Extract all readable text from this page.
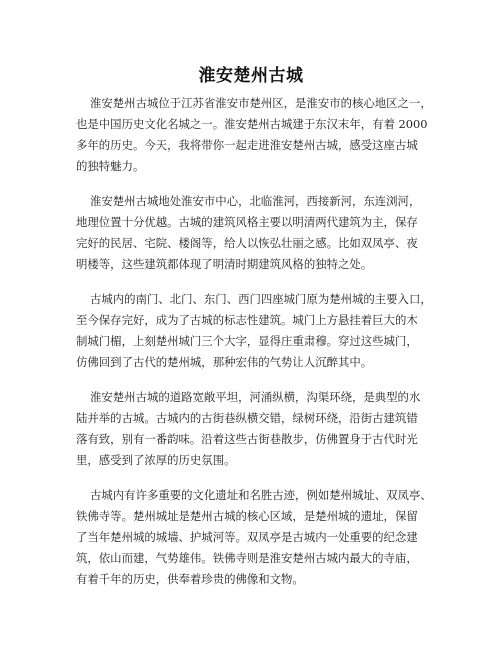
淮安楚州古城
淮安楚州古城位于江苏省淮安市楚州区，是淮安市的核心地区之一，
也是中国历史文化名城之一。淮安楚州古城建于东汉末年，有着 2000
多年的历史。今天，我将带你一起走进淮安楚州古城，感受这座古城
的独特魅力。
淮安楚州古城地处淮安市中心，北临淮河，西接新河，东连浏河，
地理位置十分优越。古城的建筑风格主要以明清两代建筑为主，保存
完好的民居、宅院、楼阁等，给人以恢弘壮丽之感。比如双凤亭、夜
明楼等，这些建筑都体现了明清时期建筑风格的独特之处。
古城内的南门、北门、东门、西门四座城门原为楚州城的主要入口，
至今保存完好，成为了古城的标志性建筑。城门上方悬挂着巨大的木
制城门楣，上刻楚州城门三个大字，显得庄重肃穆。穿过这些城门，
仿佛回到了古代的楚州城，那种宏伟的气势让人沉醉其中。
淮安楚州古城的道路宽敞平坦，河涌纵横，沟渠环绕，是典型的水
陆并举的古城。古城内的古街巷纵横交错，绿树环绕，沿街古建筑错
落有致，别有一番韵味。沿着这些古街巷散步，仿佛置身于古代时光
里，感受到了浓厚的历史氛围。
古城内有许多重要的文化遗址和名胜古迹，例如楚州城址、双凤亭、
铁佛寺等。楚州城址是楚州古城的核心区域，是楚州城的遗址，保留
了当年楚州城的城墙、护城河等。双凤亭是古城内一处重要的纪念建
筑，依山而建，气势雄伟。铁佛寺则是淮安楚州古城内最大的寺庙，
有着千年的历史，供奉着珍贵的佛像和文物。
